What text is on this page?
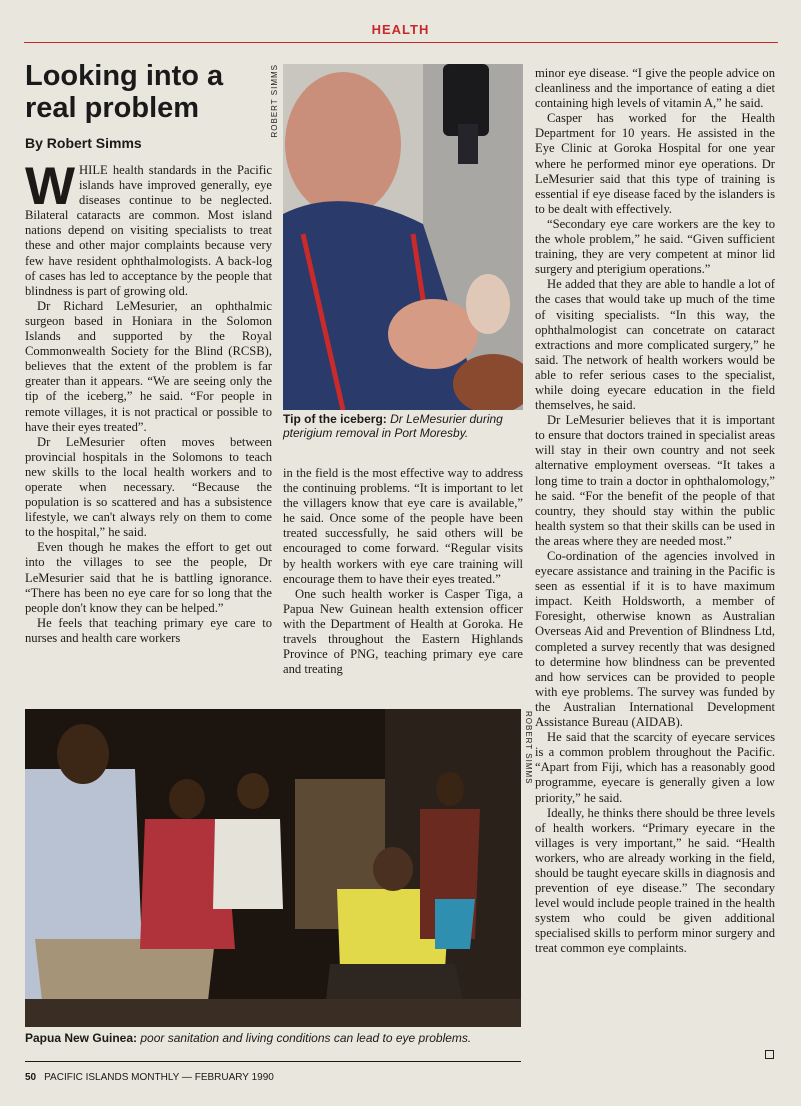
HEALTH
Looking into a real problem
By Robert Simms

WHILE health standards in the Pacific islands have improved generally, eye diseases continue to be neglected. Bilateral cataracts are common. Most island nations depend on visiting specialists to treat these and other major complaints because very few have resident ophthalmologists. A back-log of cases has led to acceptance by the people that blindness is part of growing old.

Dr Richard LeMesurier, an ophthalmic surgeon based in Honiara in the Solomon Islands and supported by the Royal Commonwealth Society for the Blind (RCSB), believes that the extent of the problem is far greater than it appears. “We are seeing only the tip of the iceberg,” he said. “For people in remote villages, it is not practical or possible to have their eyes treated”.

Dr LeMesurier often moves between provincial hospitals in the Solomons to teach new skills to the local health workers and to operate when necessary. “Because the population is so scattered and has a subsistence lifestyle, we can't always rely on them to come to the hospital,” he said.

Even though he makes the effort to get out into the villages to see the people, Dr LeMesurier said that he is battling ignorance. “There has been no eye care for so long that the people don't know they can be helped.”

He feels that teaching primary eye care to nurses and health care workers

ROBERT SIMMS
Tip of the iceberg: Dr LeMesurier during pterigium removal in Port Moresby.

in the field is the most effective way to address the continuing problems. “It is important to let the villagers know that eye care is available,” he said. Once some of the people have been treated successfully, he said others will be encouraged to come forward. “Regular visits by health workers with eye care training will encourage them to have their eyes treated.”

One such health worker is Casper Tiga, a Papua New Guinean health extension officer with the Department of Health at Goroka. He travels throughout the Eastern Highlands Province of PNG, teaching primary eye care and treating

minor eye disease. “I give the people advice on cleanliness and the importance of eating a diet containing high levels of vitamin A,” he said.

Casper has worked for the Health Department for 10 years. He assisted in the Eye Clinic at Goroka Hospital for one year where he performed minor eye operations. Dr LeMesurier said that this type of training is essential if eye disease faced by the islanders is to be dealt with effectively.

“Secondary eye care workers are the key to the whole problem,” he said. “Given sufficient training, they are very competent at minor lid surgery and pterigium operations.”

He added that they are able to handle a lot of the cases that would take up much of the time of visiting specialists. “In this way, the ophthalmologist can concetrate on cataract extractions and more complicated surgery,” he said. The network of health workers would be able to refer serious cases to the specialist, while doing eyecare education in the field themselves, he said.

Dr LeMesurier believes that it is important to ensure that doctors trained in specialist areas will stay in their own country and not seek alternative employment overseas. “It takes a long time to train a doctor in ophthalomology,” he said. “For the benefit of the people of that country, they should stay within the public health system so that their skills can be used in the areas where they are needed most.”

Co-ordination of the agencies involved in eyecare assistance and training in the Pacific is seen as essential if it is to have maximum impact. Keith Holdsworth, a member of Foresight, otherwise known as Australian Overseas Aid and Prevention of Blindness Ltd, completed a survey recently that was designed to determine how blindness can be prevented and how services can be provided to people with eye problems. The survey was funded by the Australian International Development Assistance Bureau (AIDAB).

He said that the scarcity of eyecare services is a common problem throughout the Pacific. “Apart from Fiji, which has a reasonably good programme, eyecare is generally given a low priority,” he said.

Ideally, he thinks there should be three levels of health workers. “Primary eyecare in the villages is very important,” he said. “Health workers, who are already working in the field, should be taught eyecare skills in diagnosis and prevention of eye disease.” The secondary level would include people trained in the health system who could be given additional specialised skills to perform minor surgery and treat common eye complaints.

ROBERT SIMMS
Papua New Guinea: poor sanitation and living conditions can lead to eye problems.
50 PACIFIC ISLANDS MONTHLY — FEBRUARY 1990
